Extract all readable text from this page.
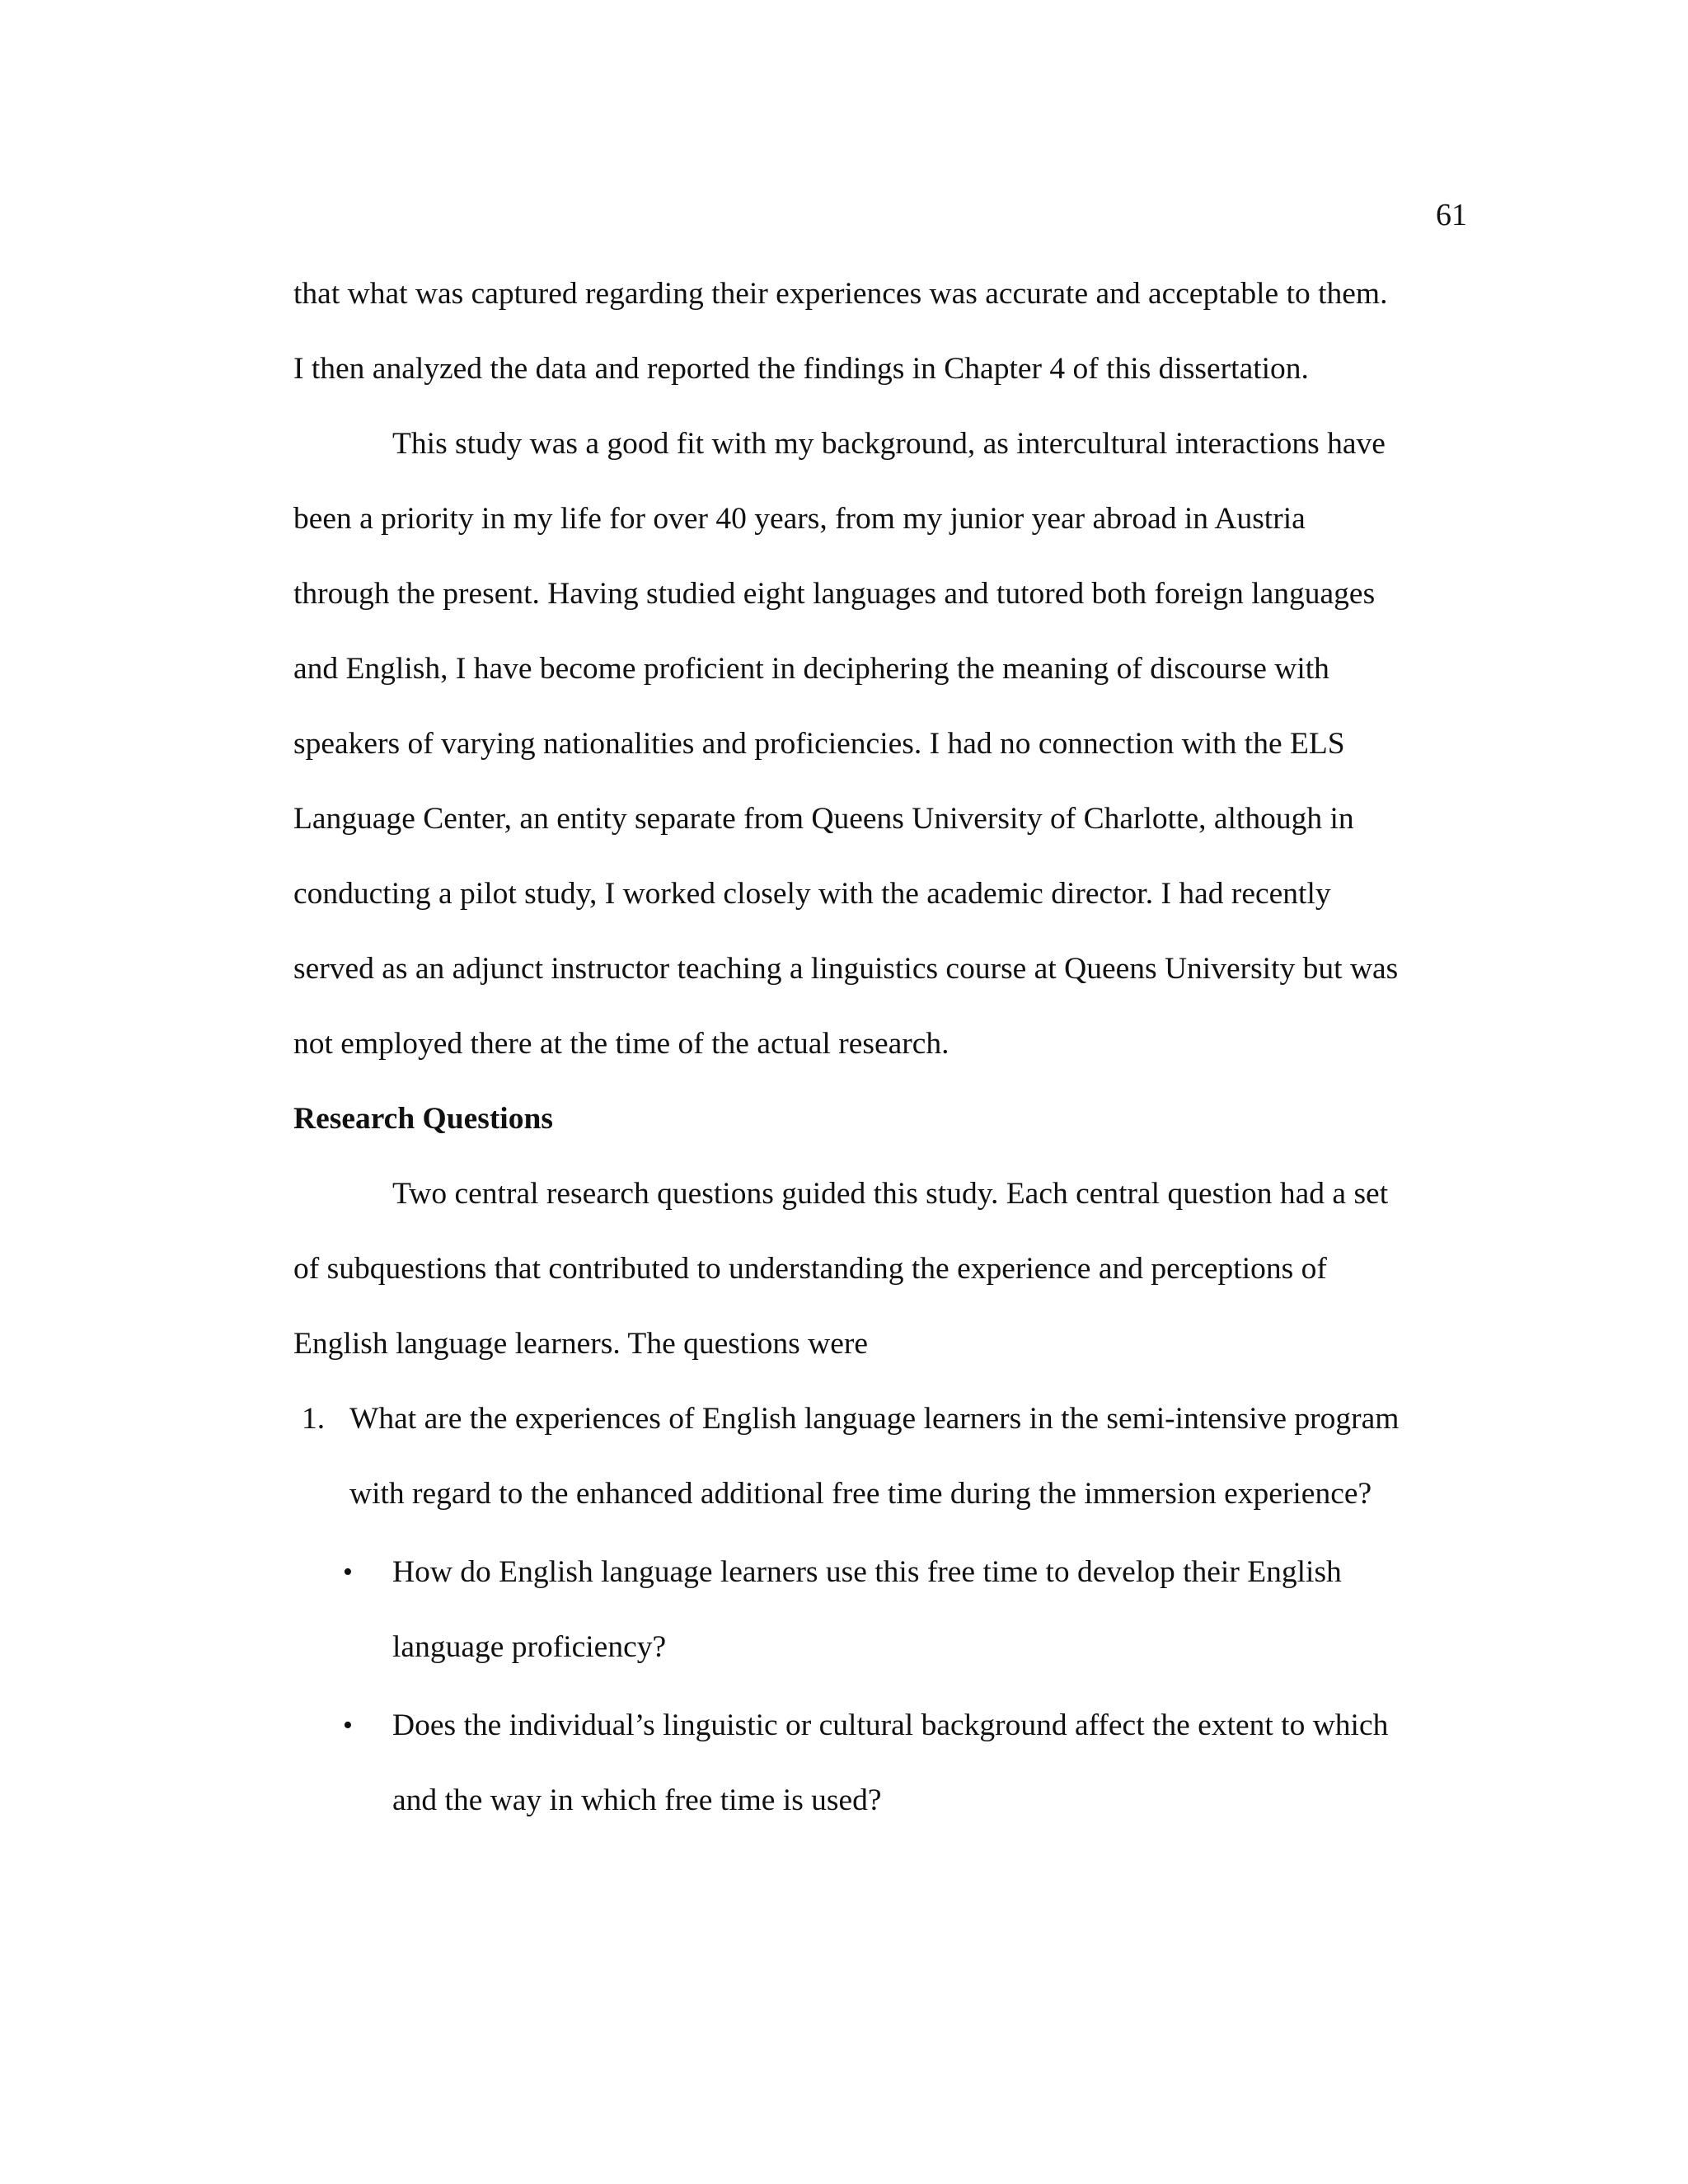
61
that what was captured regarding their experiences was accurate and acceptable to them.
I then analyzed the data and reported the findings in Chapter 4 of this dissertation.
This study was a good fit with my background, as intercultural interactions have
been a priority in my life for over 40 years, from my junior year abroad in Austria
through the present. Having studied eight languages and tutored both foreign languages
and English, I have become proficient in deciphering the meaning of discourse with
speakers of varying nationalities and proficiencies. I had no connection with the ELS
Language Center, an entity separate from Queens University of Charlotte, although in
conducting a pilot study, I worked closely with the academic director. I had recently
served as an adjunct instructor teaching a linguistics course at Queens University but was
not employed there at the time of the actual research.
Research Questions
Two central research questions guided this study. Each central question had a set
of subquestions that contributed to understanding the experience and perceptions of
English language learners. The questions were
1. What are the experiences of English language learners in the semi-intensive program
with regard to the enhanced additional free time during the immersion experience?
• How do English language learners use this free time to develop their English
language proficiency?
• Does the individual’s linguistic or cultural background affect the extent to which
and the way in which free time is used?
